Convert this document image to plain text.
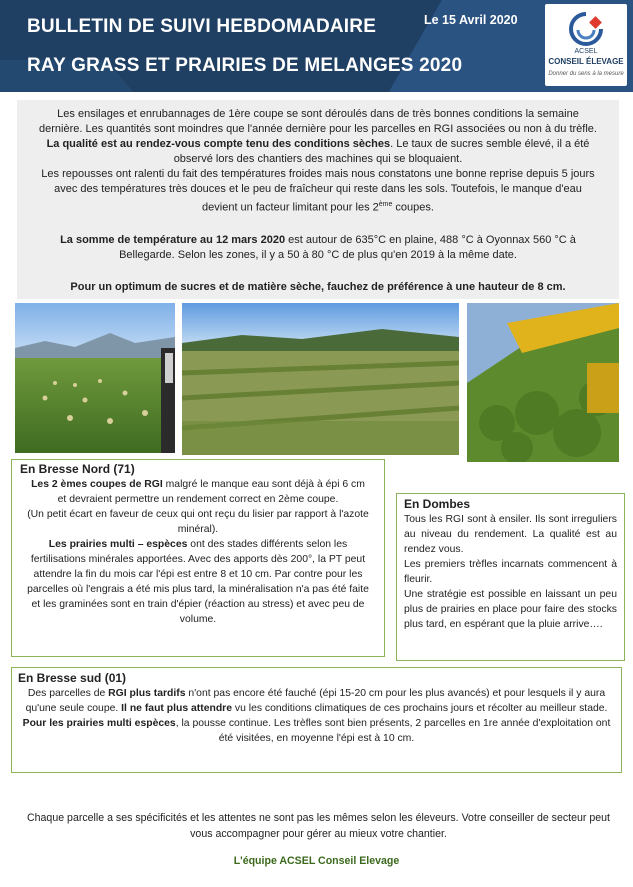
BULLETIN DE SUIVI HEBDOMADAIRE
RAY GRASS ET PRAIRIES DE MELANGES 2020
Le 15 Avril 2020
ACSEL
CONSEIL ÉLEVAGE
Donner du sens à la mesure

Les ensilages et enrubannages de 1ère coupe se sont déroulés dans de très bonnes conditions la semaine dernière. Les quantités sont moindres que l'année dernière pour les parcelles en RGI associées ou non à du trèfle.

La qualité est au rendez-vous compte tenu des conditions sèches. Le taux de sucres semble élevé, il a été observé lors des chantiers des machines qui se bloquaient.

Les repousses ont ralenti du fait des températures froides mais nous constatons une bonne reprise depuis 5 jours avec des températures très douces et le peu de fraîcheur qui reste dans les sols. Toutefois, le manque d'eau devient un facteur limitant pour les 2ème coupes.

La somme de température au 12 mars 2020 est autour de 635°C en plaine, 488 °C à Oyonnax 560 °C à Bellegarde. Selon les zones, il y a 50 à 80 °C de plus qu'en 2019 à la même date.

Pour un optimum de sucres et de matière sèche, fauchez de préférence à une hauteur de 8 cm.

En Bresse Nord (71)

Les 2 èmes coupes de RGI malgré le manque eau sont déjà à épi 6 cm et devraient permettre un rendement correct en 2ème coupe.

(Un petit écart en faveur de ceux qui ont reçu du lisier par rapport à l'azote minéral).

Les prairies multi – espèces ont des stades différents selon les fertilisations minérales apportées. Avec des apports dès 200°, la PT peut attendre la fin du mois car l'épi est entre 8 et 10 cm. Par contre pour les parcelles où l'engrais a été mis plus tard, la minéralisation n'a pas été faite et les graminées sont en train d'épier (réaction au stress) et avec peu de volume.

En Dombes

Tous les RGI sont à ensiler. Ils sont irreguliers au niveau du rendement. La qualité est au rendez vous.

Les premiers trèfles incarnats commencent à fleurir.

Une stratégie est possible en laissant un peu plus de prairies en place pour faire des stocks plus tard, en espérant que la pluie arrive….

En Bresse sud (01)

Des parcelles de RGI plus tardifs n'ont pas encore été fauché (épi 15-20 cm pour les plus avancés) et pour lesquels il y aura qu'une seule coupe. Il ne faut plus attendre vu les conditions climatiques de ces prochains jours et récolter au meilleur stade.

Pour les prairies multi espèces, la pousse continue. Les trèfles sont bien présents, 2 parcelles en 1re année d'exploitation ont été visitées, en moyenne l'épi est à 10 cm.

Chaque parcelle a ses spécificités et les attentes ne sont pas les mêmes selon les éleveurs. Votre conseiller de secteur peut vous accompagner pour gérer au mieux votre chantier.
L'équipe ACSEL Conseil Elevage
